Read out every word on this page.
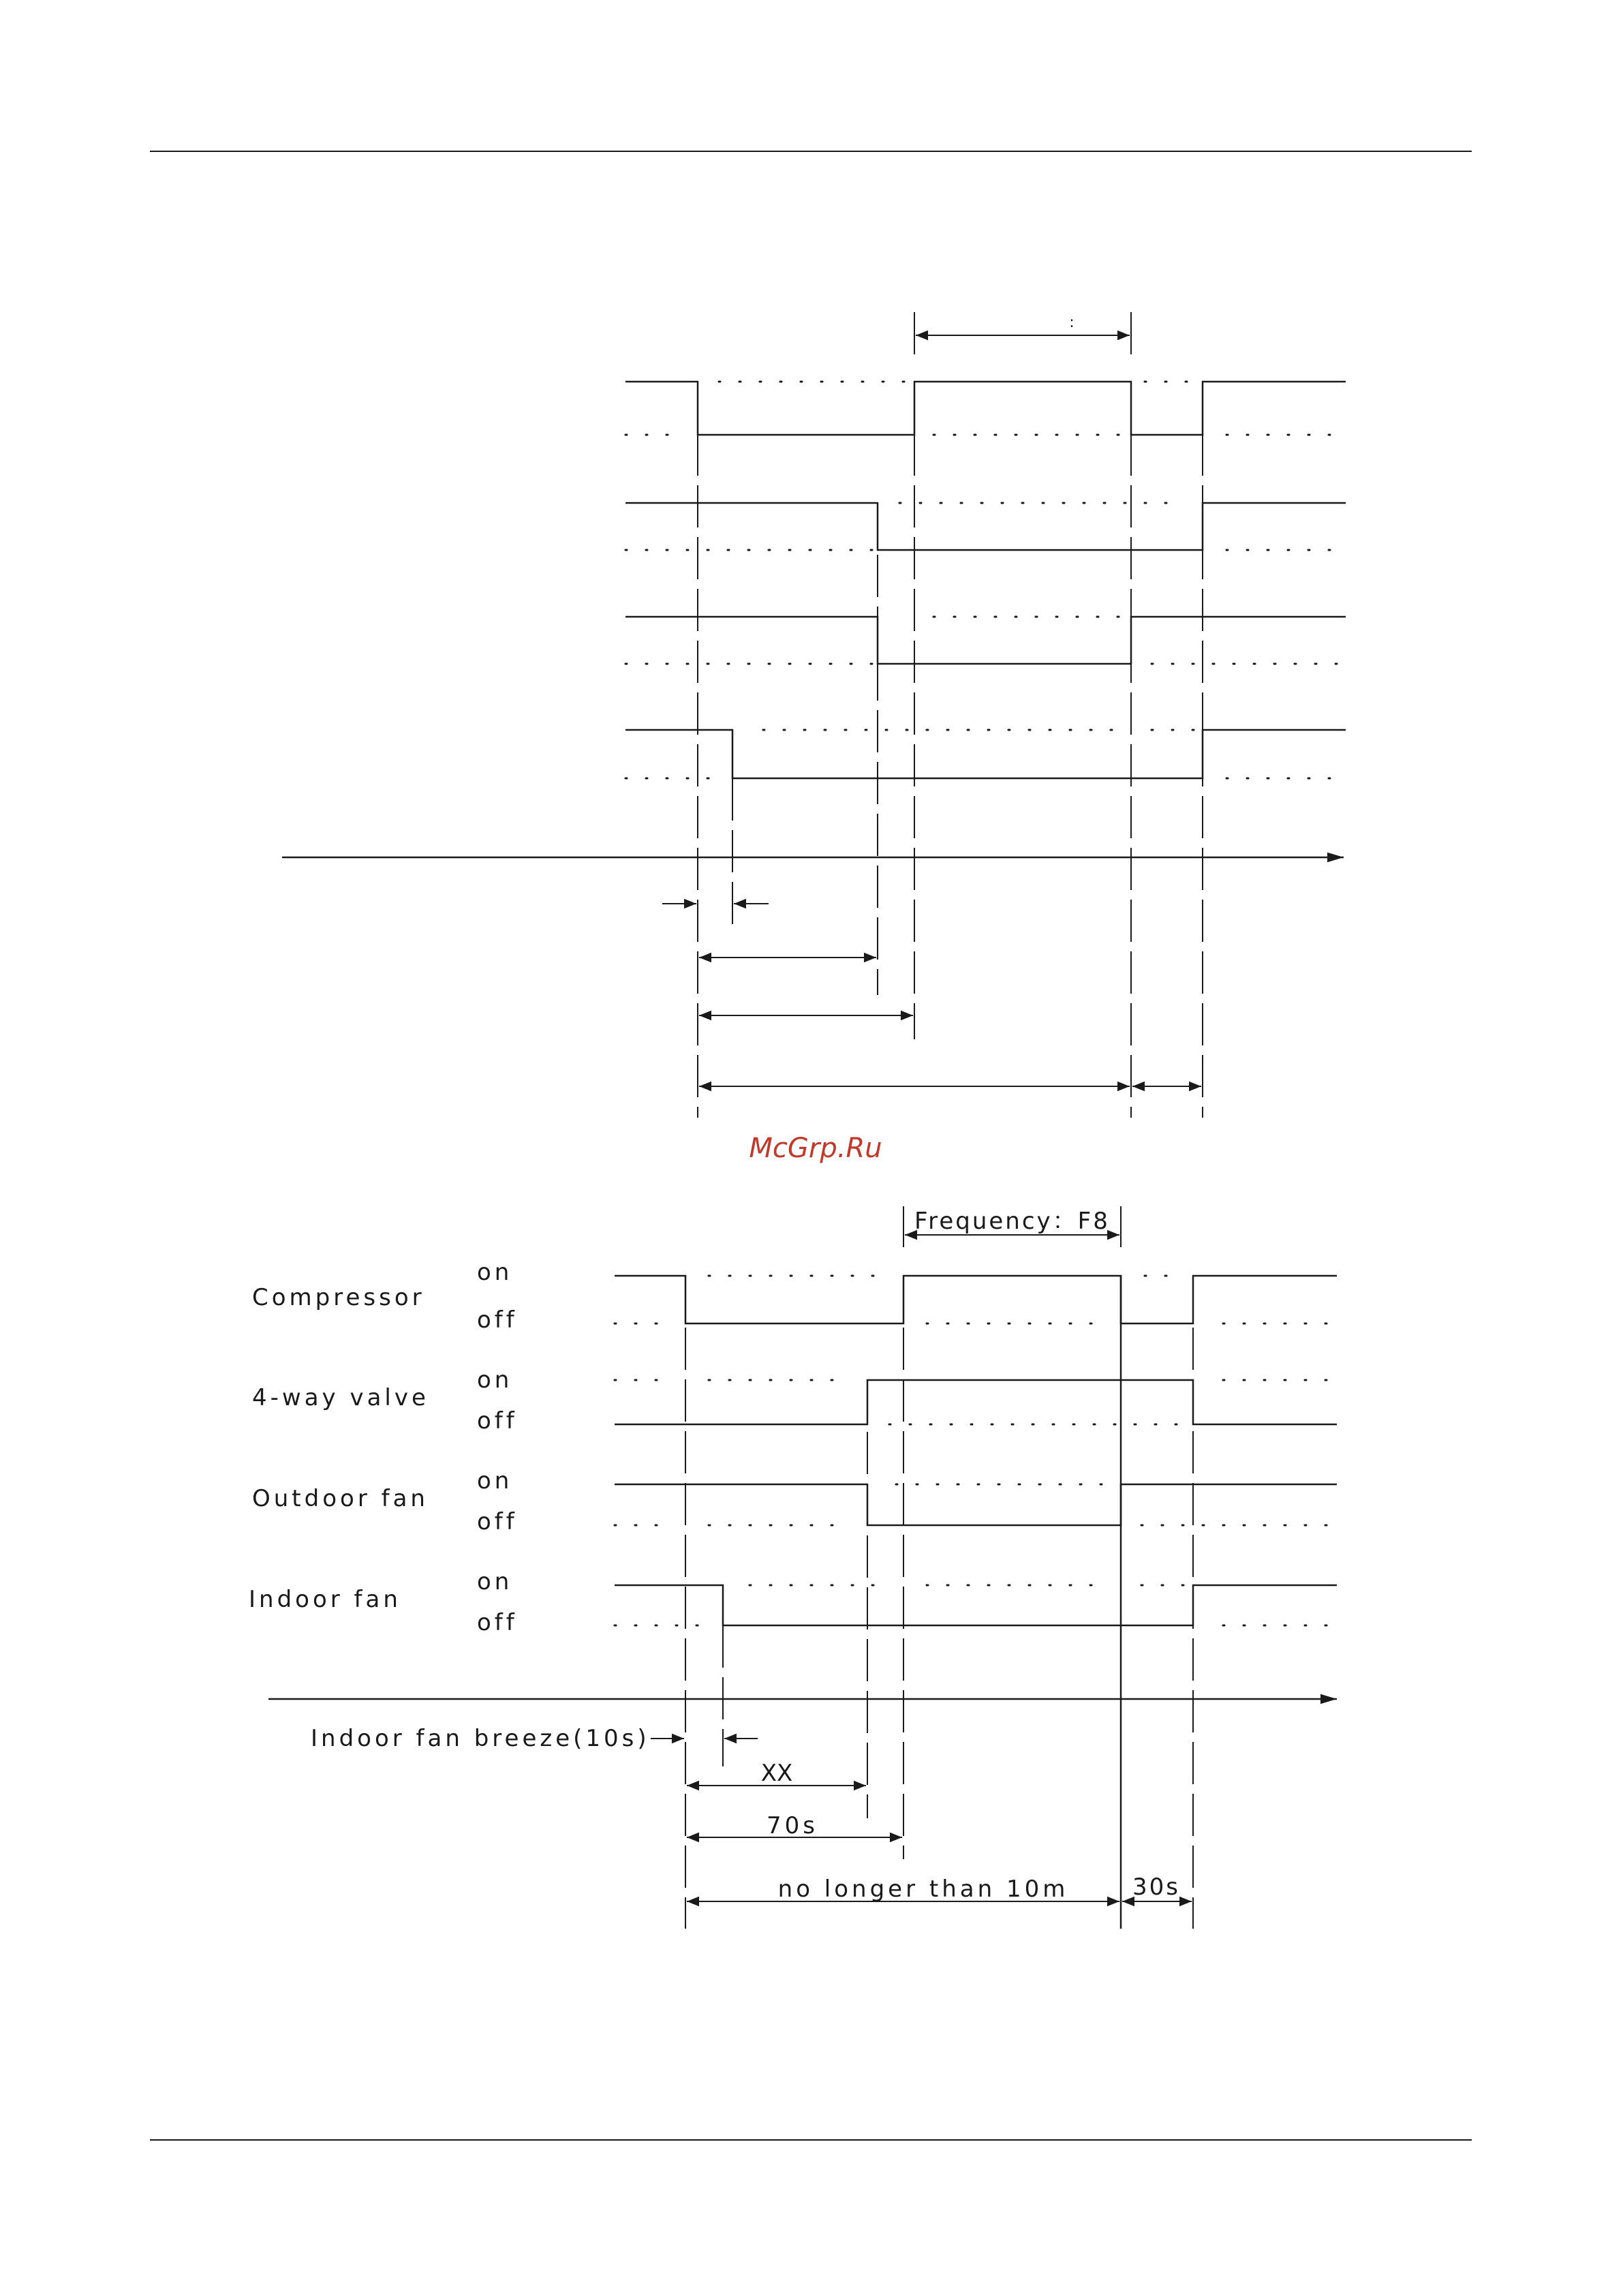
:
McGrp.Ru
Frequency：F8
Compressor
on
off
4-way valve
on
off
Outdoor fan
on
off
Indoor fan
on
off
Indoor fan breeze(10s)
XX
70s
no longer than 10m	30s
